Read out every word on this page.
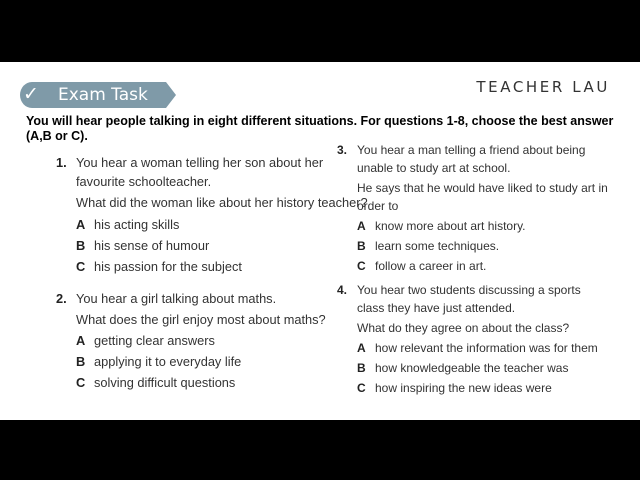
✓ Exam Task	TEACHER LAU
You will hear people talking in eight different situations. For questions 1-8, choose the best answer (A,B or C).
1. You hear a woman telling her son about her
favourite schoolteacher.
What did the woman like about her history teacher?
A his acting skills
B his sense of humour
C his passion for the subject
2. You hear a girl talking about maths.
What does the girl enjoy most about maths?
A getting clear answers
B applying it to everyday life
C solving difficult questions
3. You hear a man telling a friend about being
unable to study art at school.
He says that he would have liked to study art in
order to
A know more about art history.
B learn some techniques.
C follow a career in art.
4. You hear two students discussing a sports
class they have just attended.
What do they agree on about the class?
A how relevant the information was for them
B how knowledgeable the teacher was
C how inspiring the new ideas were
